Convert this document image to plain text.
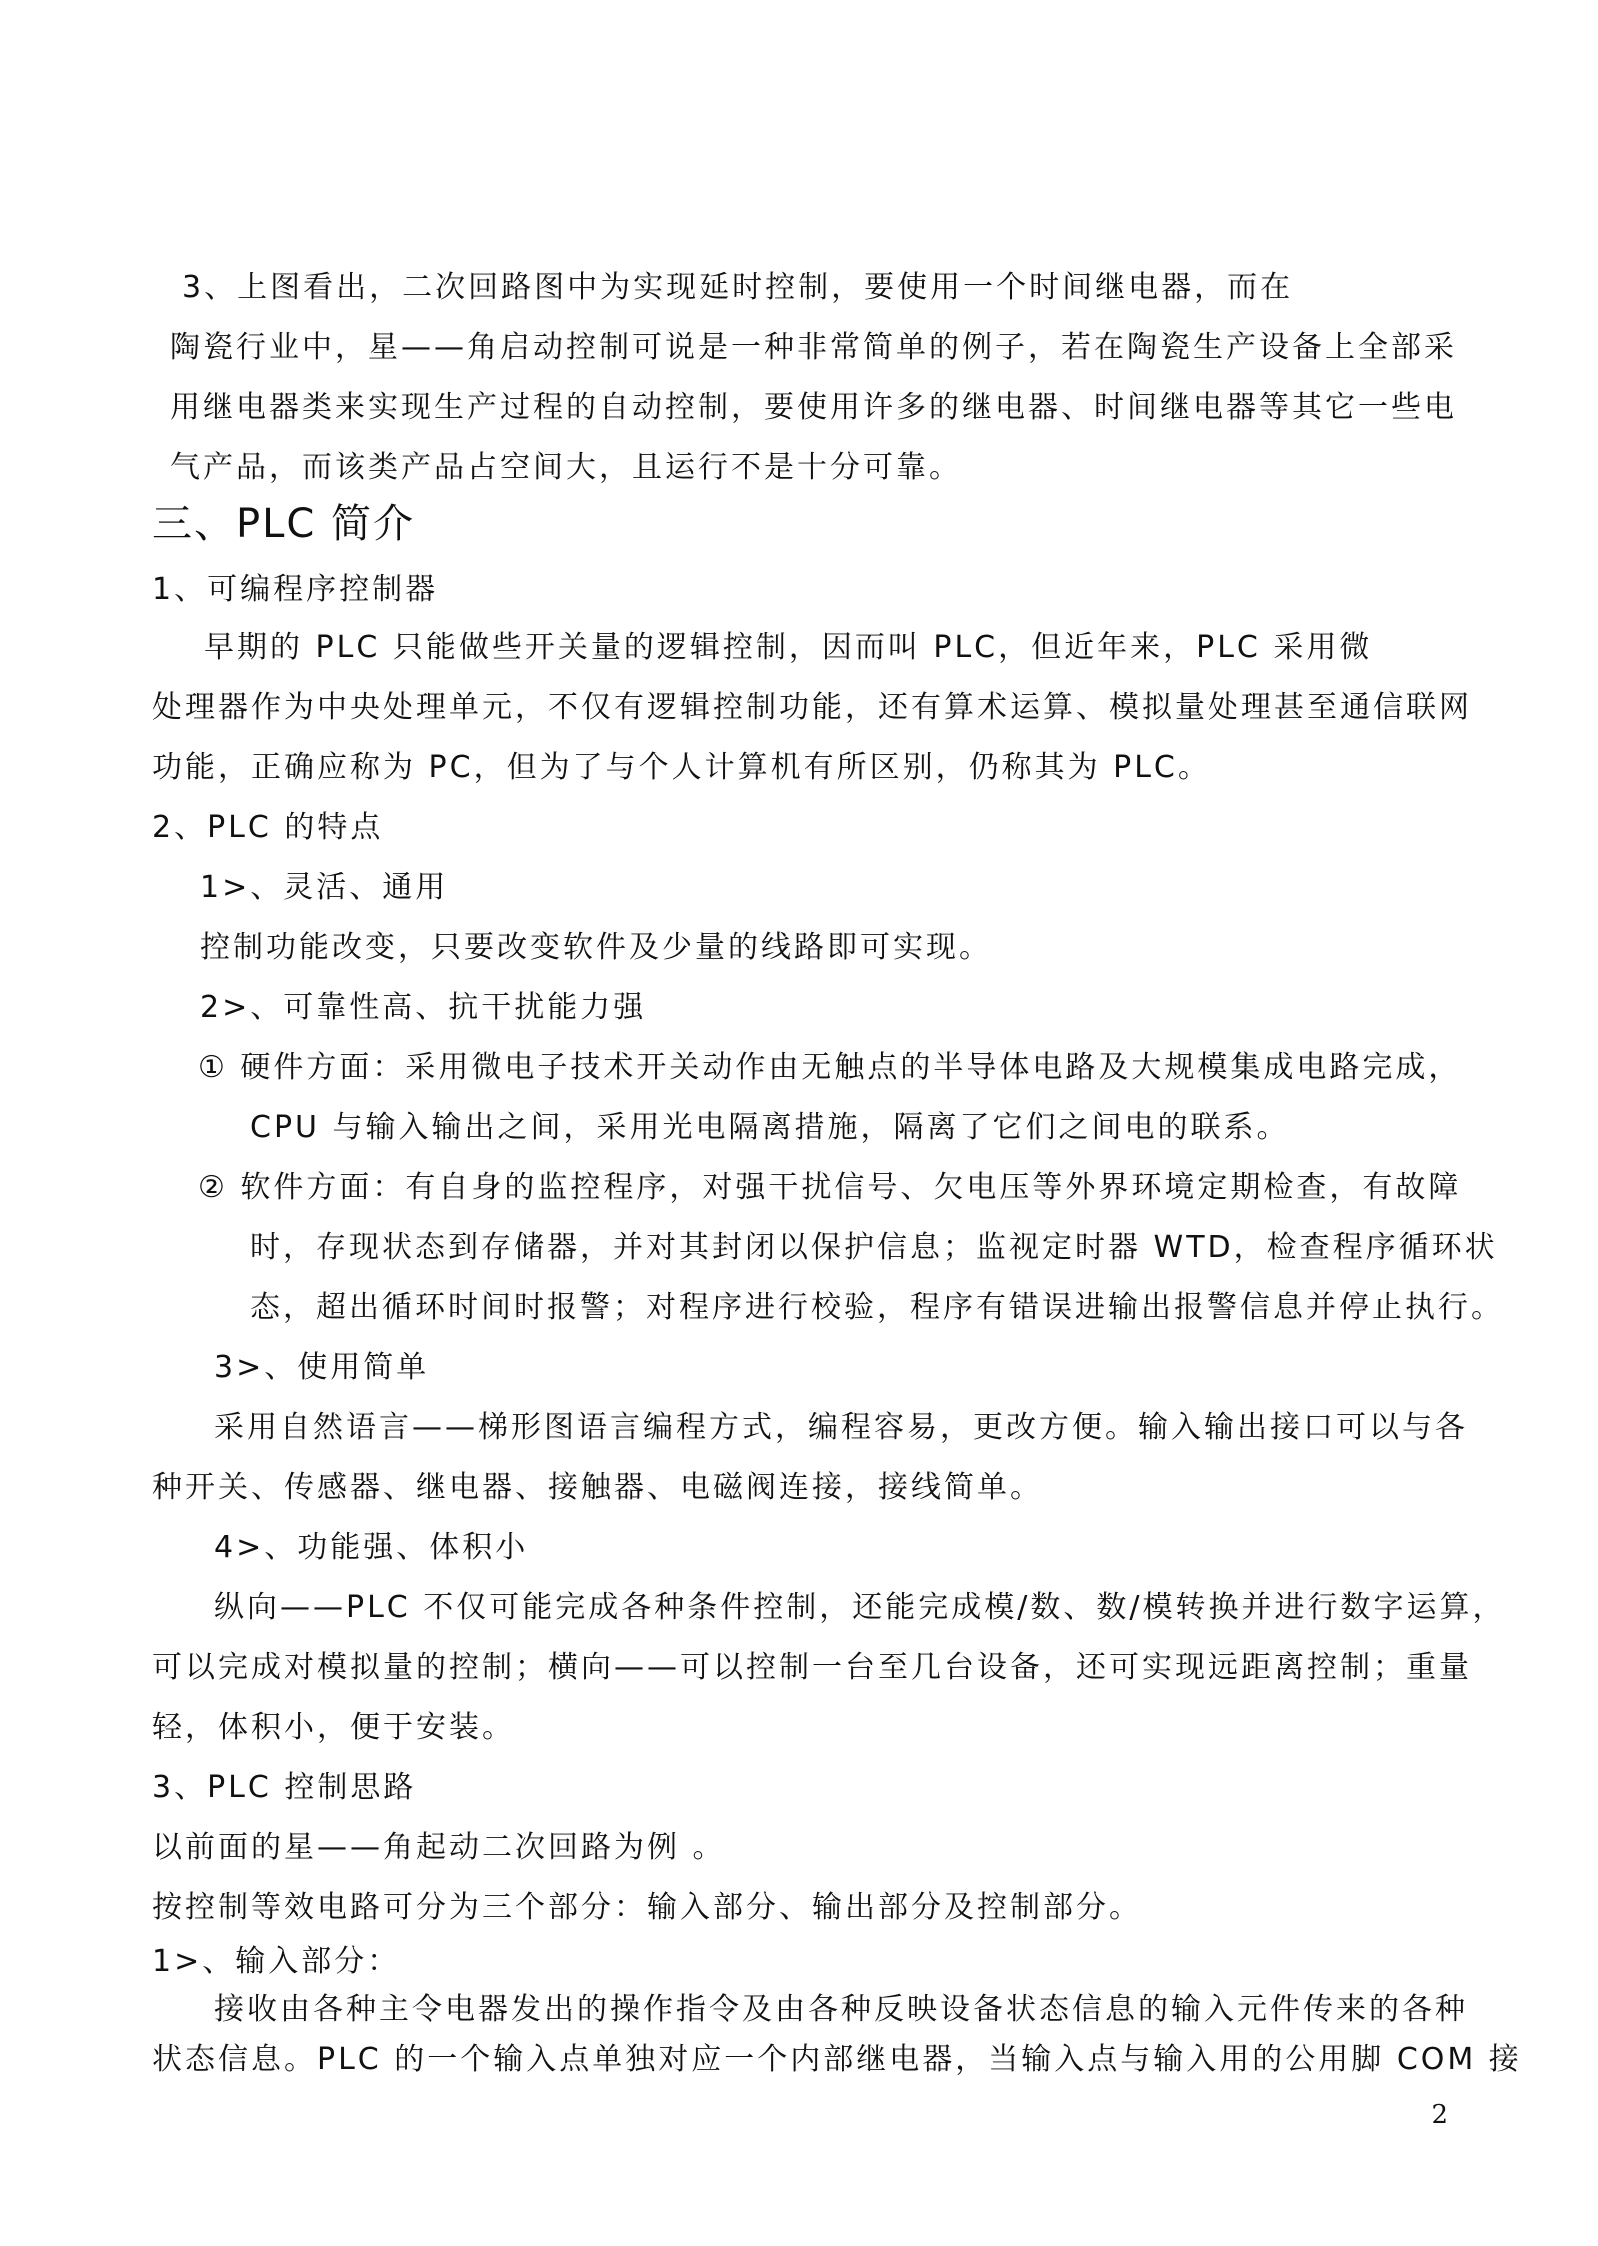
3、上图看出，二次回路图中为实现延时控制，要使用一个时间继电器，而在
陶瓷行业中，星——角启动控制可说是一种非常简单的例子，若在陶瓷生产设备上全部采
用继电器类来实现生产过程的自动控制，要使用许多的继电器、时间继电器等其它一些电
气产品，而该类产品占空间大，且运行不是十分可靠。
三、PLC 简介
1、可编程序控制器
早期的 PLC 只能做些开关量的逻辑控制，因而叫 PLC，但近年来，PLC 采用微
处理器作为中央处理单元，不仅有逻辑控制功能，还有算术运算、模拟量处理甚至通信联网
功能，正确应称为 PC，但为了与个人计算机有所区别，仍称其为 PLC。
2、PLC 的特点
1>、灵活、通用
控制功能改变，只要改变软件及少量的线路即可实现。
2>、可靠性高、抗干扰能力强
① 硬件方面：采用微电子技术开关动作由无触点的半导体电路及大规模集成电路完成，
CPU 与输入输出之间，采用光电隔离措施，隔离了它们之间电的联系。
② 软件方面：有自身的监控程序，对强干扰信号、欠电压等外界环境定期检查，有故障
时，存现状态到存储器，并对其封闭以保护信息；监视定时器 WTD，检查程序循环状
态，超出循环时间时报警；对程序进行校验，程序有错误进输出报警信息并停止执行。
3>、使用简单
采用自然语言——梯形图语言编程方式，编程容易，更改方便。输入输出接口可以与各
种开关、传感器、继电器、接触器、电磁阀连接，接线简单。
4>、功能强、体积小
纵向——PLC 不仅可能完成各种条件控制，还能完成模/数、数/模转换并进行数字运算，
可以完成对模拟量的控制；横向——可以控制一台至几台设备，还可实现远距离控制；重量
轻，体积小，便于安装。
3、PLC 控制思路
以前面的星——角起动二次回路为例 。
按控制等效电路可分为三个部分：输入部分、输出部分及控制部分。
1>、输入部分：
接收由各种主令电器发出的操作指令及由各种反映设备状态信息的输入元件传来的各种
状态信息。PLC 的一个输入点单独对应一个内部继电器，当输入点与输入用的公用脚 COM 接
2
